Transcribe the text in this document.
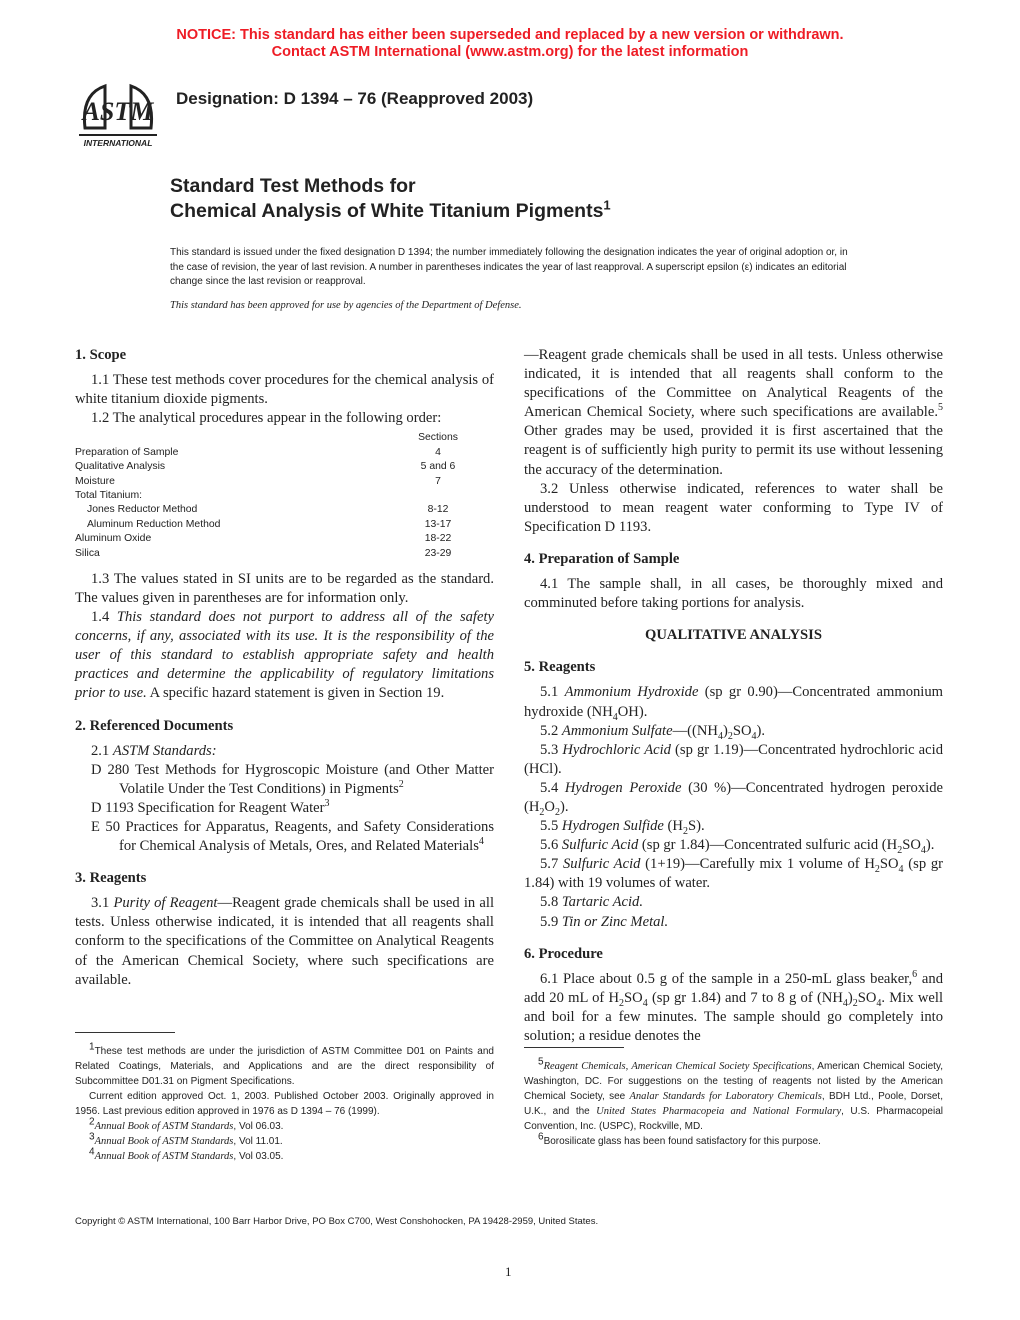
NOTICE: This standard has either been superseded and replaced by a new version or withdrawn.
Contact ASTM International (www.astm.org) for the latest information
ASTM
INTERNATIONAL
Designation: D 1394 – 76 (Reapproved 2003)
Standard Test Methods for
Chemical Analysis of White Titanium Pigments$^1$
This standard is issued under the fixed designation D 1394; the number immediately following the designation indicates the year of original adoption or, in the case of revision, the year of last revision. A number in parentheses indicates the year of last reapproval. A superscript epsilon (ε) indicates an editorial change since the last revision or reapproval.
This standard has been approved for use by agencies of the Department of Defense.

1. Scope

1.1 These test methods cover procedures for the chemical analysis of white titanium dioxide pigments.

1.2 The analytical procedures appear in the following order:

Sections
Preparation of Sample	4
Qualitative Analysis	5 and 6
Moisture	7
Total Titanium:
Jones Reductor Method	8-12
Aluminum Reduction Method	13-17
Aluminum Oxide	18-22
Silica	23-29

1.3 The values stated in SI units are to be regarded as the standard. The values given in parentheses are for information only.

1.4 This standard does not purport to address all of the safety concerns, if any, associated with its use. It is the responsibility of the user of this standard to establish appropriate safety and health practices and determine the applicability of regulatory limitations prior to use. A specific hazard statement is given in Section 19.

2. Referenced Documents

2.1 ASTM Standards:

D 280 Test Methods for Hygroscopic Moisture (and Other Matter Volatile Under the Test Conditions) in Pigments$^2$

D 1193 Specification for Reagent Water$^3$

E 50 Practices for Apparatus, Reagents, and Safety Considerations for Chemical Analysis of Metals, Ores, and Related Materials$^4$

3. Reagents

3.1 Purity of Reagent—Reagent grade chemicals shall be used in all tests. Unless otherwise indicated, it is intended that all reagents shall conform to the specifications of the Committee on Analytical Reagents of the American Chemical Society, where such specifications are available.

$^1$These test methods are under the jurisdiction of ASTM Committee D01 on Paints and Related Coatings, Materials, and Applications and are the direct responsibility of Subcommittee D01.31 on Pigment Specifications.

Current edition approved Oct. 1, 2003. Published October 2003. Originally approved in 1956. Last previous edition approved in 1976 as D 1394 – 76 (1999).

$^2$Annual Book of ASTM Standards, Vol 06.03.

$^3$Annual Book of ASTM Standards, Vol 11.01.

$^4$Annual Book of ASTM Standards, Vol 03.05.

—Reagent grade chemicals shall be used in all tests. Unless otherwise indicated, it is intended that all reagents shall conform to the specifications of the Committee on Analytical Reagents of the American Chemical Society, where such specifications are available.$^5$ Other grades may be used, provided it is first ascertained that the reagent is of sufficiently high purity to permit its use without lessening the accuracy of the determination.

3.2 Unless otherwise indicated, references to water shall be understood to mean reagent water conforming to Type IV of Specification D 1193.

4. Preparation of Sample

4.1 The sample shall, in all cases, be thoroughly mixed and comminuted before taking portions for analysis.

QUALITATIVE ANALYSIS

5. Reagents

5.1 Ammonium Hydroxide (sp gr 0.90)—Concentrated ammonium hydroxide $(NH_4OH)$.

5.2 Ammonium $Sulfate—((NH_4)_2SO_4)$.

5.3 Hydrochloric Acid (sp gr 1.19)—Concentrated hydrochloric acid (HCl).

5.4 Hydrogen Peroxide (30 %)—Concentrated hydrogen peroxide $(H_2O_2)$.

5.5 Hydrogen Sulfide $(H_2S)$.

5.6 Sulfuric Acid (sp gr 1.84)—Concentrated sulfuric acid $(H_2SO_4)$.

5.7 Sulfuric Acid (1+19)—Carefully mix 1 volume of $H_2SO_4$ (sp gr 1.84) with 19 volumes of water.

5.8 Tartaric Acid.

5.9 Tin or Zinc Metal.

6. Procedure

6.1 Place about 0.5 g of the sample in a 250-mL glass beaker,$^6$ and add 20 mL of $H_2SO_4$ (sp gr 1.84) and 7 to 8 g of $(NH_4)_2SO_4$. Mix well and boil for a few minutes. The sample should go completely into solution; a residue denotes the

$^5$Reagent Chemicals, American Chemical Society Specifications, American Chemical Society, Washington, DC. For suggestions on the testing of reagents not listed by the American Chemical Society, see Analar Standards for Laboratory Chemicals, BDH Ltd., Poole, Dorset, U.K., and the United States Pharmacopeia and National Formulary, U.S. Pharmacopeial Convention, Inc. (USPC), Rockville, MD.

$^6$Borosilicate glass has been found satisfactory for this purpose.

Copyright © ASTM International, 100 Barr Harbor Drive, PO Box C700, West Conshohocken, PA 19428-2959, United States.
1
